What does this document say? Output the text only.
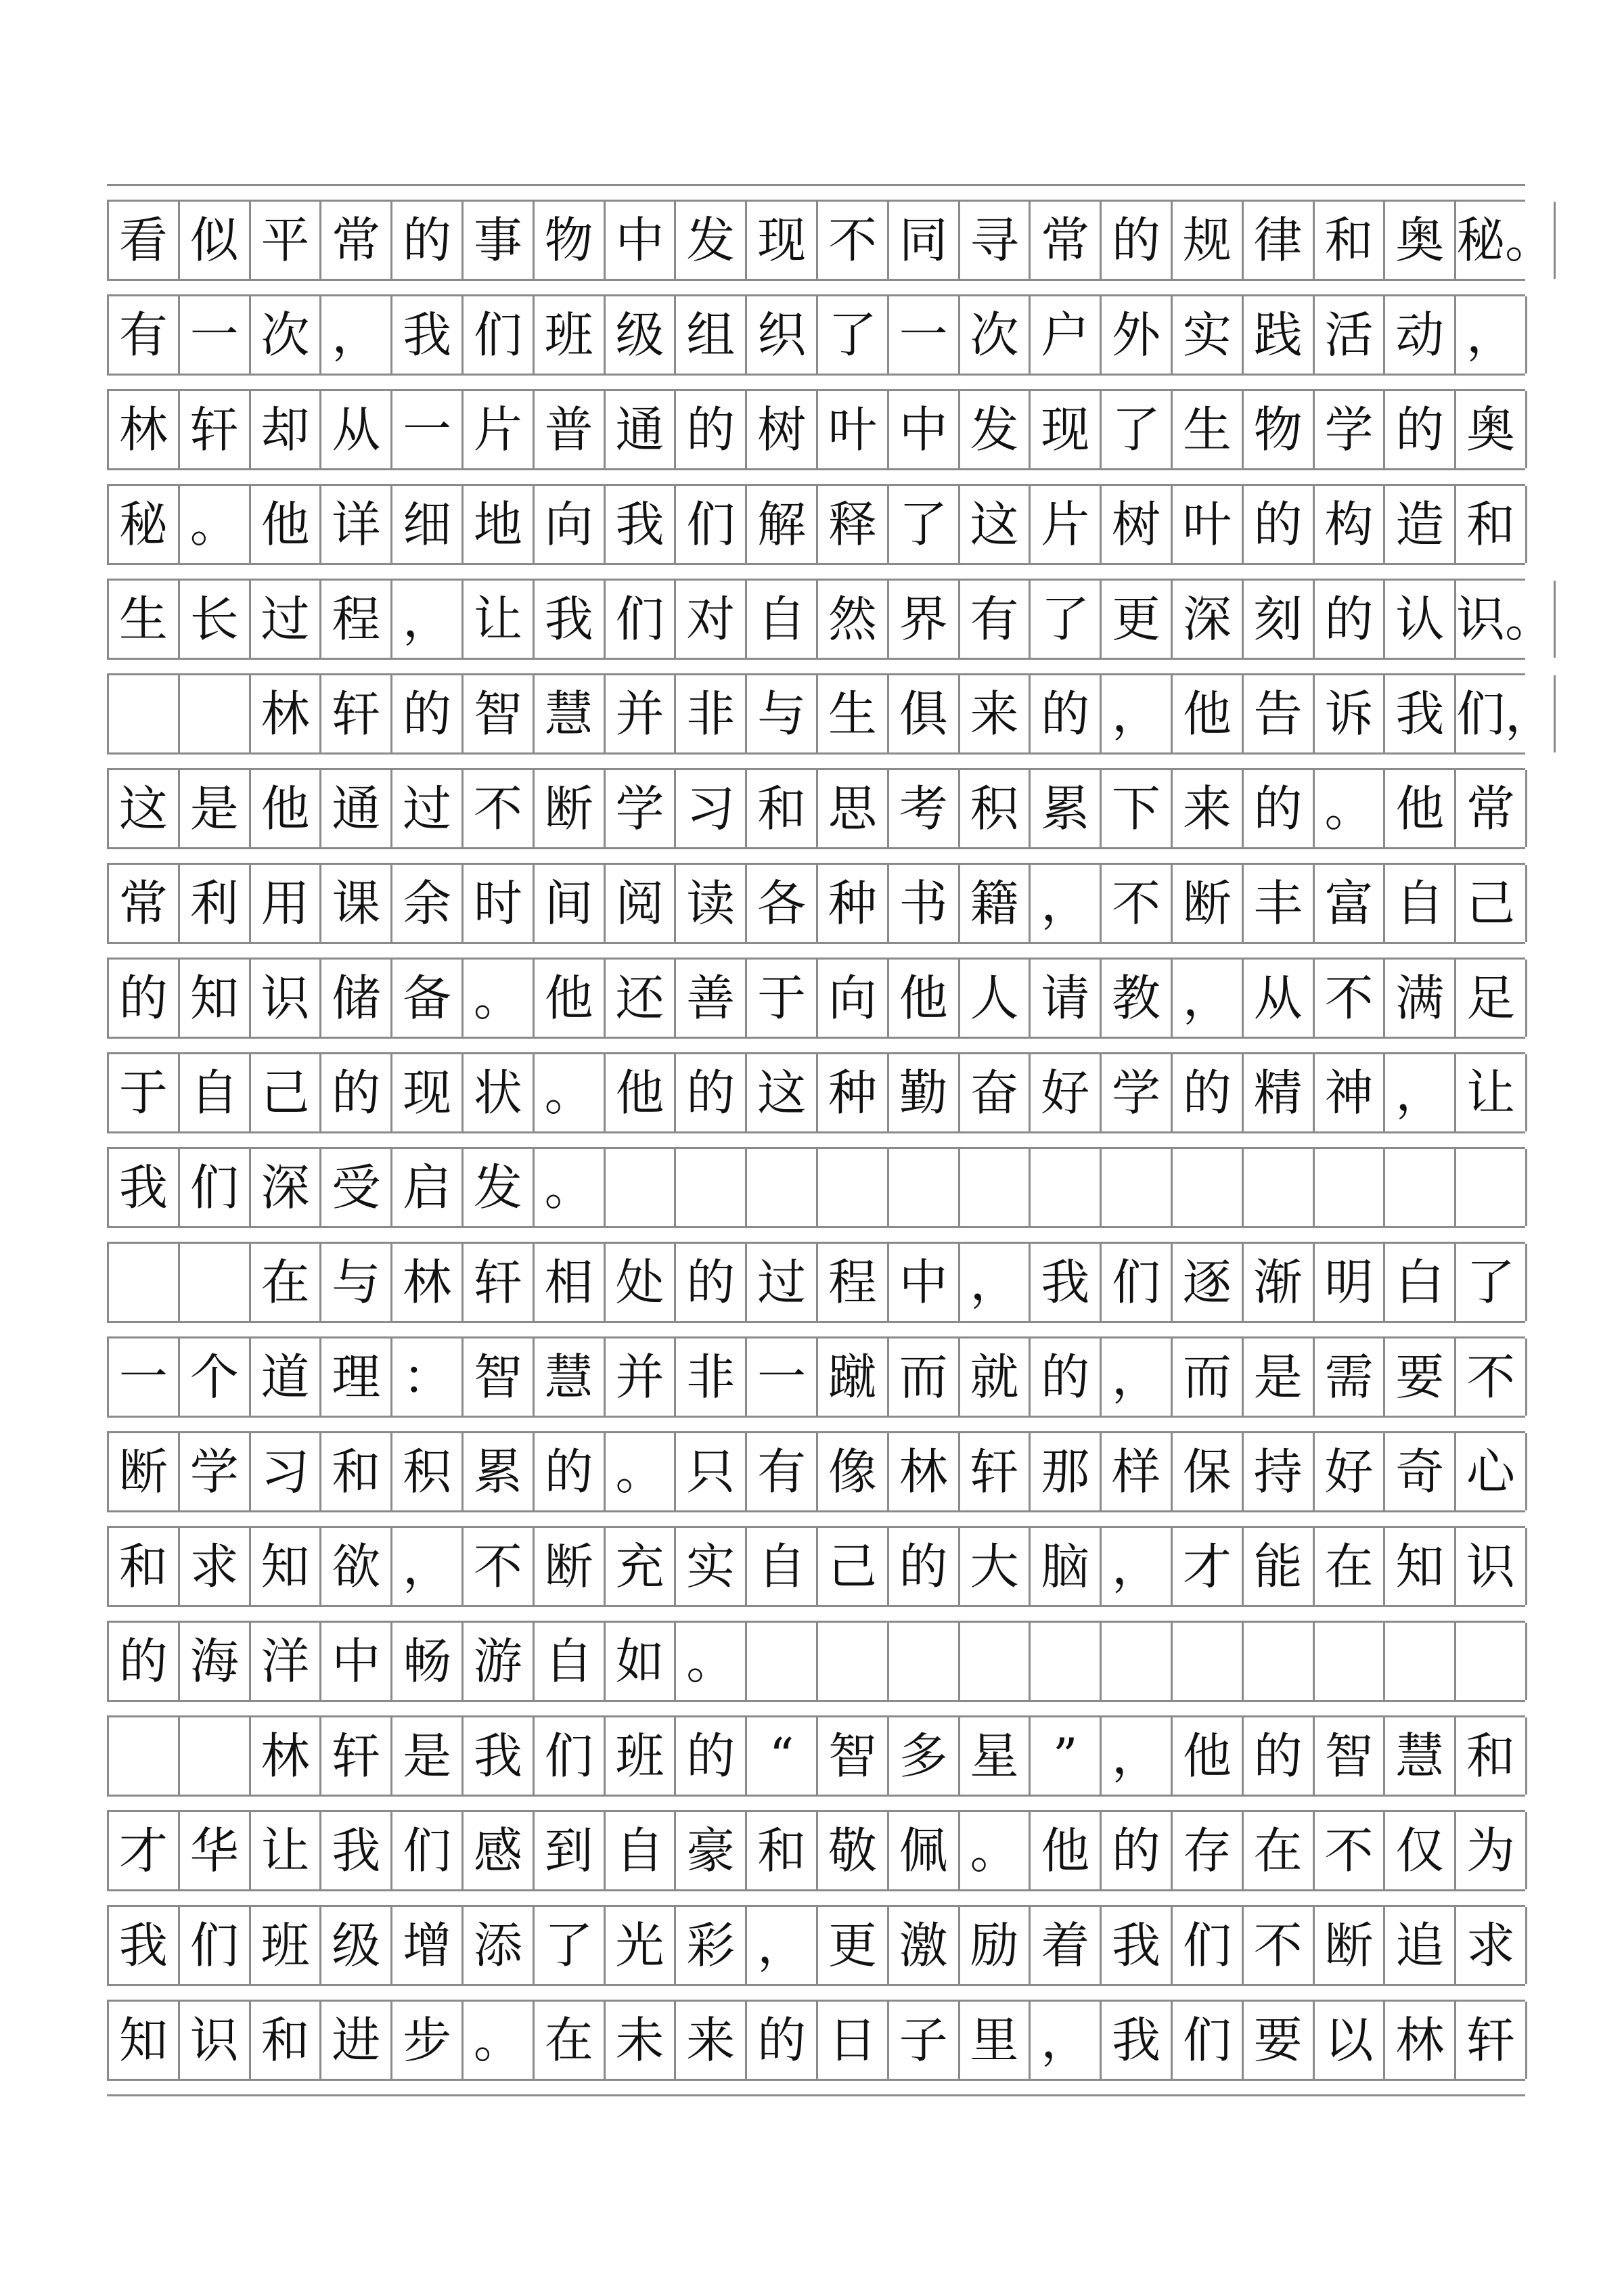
看 似 平 常 的 事 物 中 发 现 不 同 寻 常 的 规 律 和 奥 秘。
有 一 次 ， 我 们 班 级 组 织 了 一 次 户 外 实 践 活 动 ，
林 轩 却 从 一 片 普 通 的 树 叶 中 发 现 了 生 物 学 的 奥
秘 。 他 详 细 地 向 我 们 解 释 了 这 片 树 叶 的 构 造 和
生 长 过 程 ， 让 我 们 对 自 然 界 有 了 更 深 刻 的 认 识。
林 轩 的 智 慧 并 非 与 生 俱 来 的 ， 他 告 诉 我 们，
这 是 他 通 过 不 断 学 习 和 思 考 积 累 下 来 的 。 他 常
常 利 用 课 余 时 间 阅 读 各 种 书 籍 ， 不 断 丰 富 自 己
的 知 识 储 备 。 他 还 善 于 向 他 人 请 教 ， 从 不 满 足
于 自 己 的 现 状 。 他 的 这 种 勤 奋 好 学 的 精 神 ， 让
我 们 深 受 启 发 。
在 与 林 轩 相 处 的 过 程 中 ， 我 们 逐 渐 明 白 了
一 个 道 理 ： 智 慧 并 非 一 蹴 而 就 的 ， 而 是 需 要 不
断 学 习 和 积 累 的 。 只 有 像 林 轩 那 样 保 持 好 奇 心
和 求 知 欲 ， 不 断 充 实 自 己 的 大 脑 ， 才 能 在 知 识
的 海 洋 中 畅 游 自 如 。
林 轩 是 我 们 班 的 “ 智 多 星 ” ， 他 的 智 慧 和
才 华 让 我 们 感 到 自 豪 和 敬 佩 。 他 的 存 在 不 仅 为
我 们 班 级 增 添 了 光 彩 ， 更 激 励 着 我 们 不 断 追 求
知 识 和 进 步 。 在 未 来 的 日 子 里 ， 我 们 要 以 林 轩
